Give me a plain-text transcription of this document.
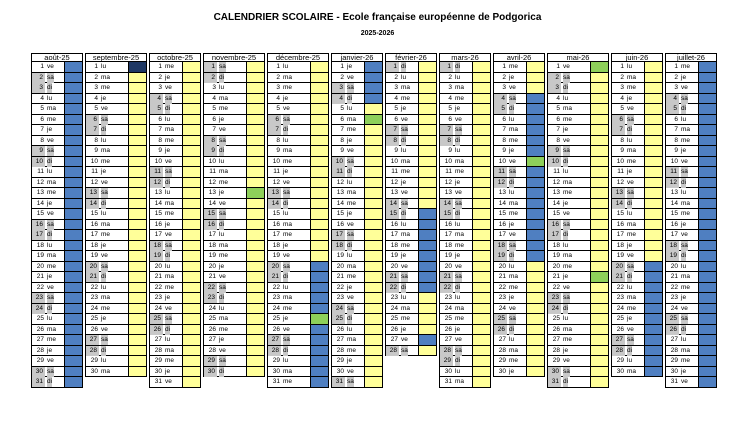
CALENDRIER SCOLAIRE - Ecole française européenne de Podgorica
2025-2026
août-25
1 ve
2 sa
3 di
4 lu
5 ma
6 me
7 je
8 ve
9 sa
10 di
11 lu
12 ma
13 me
14 je
15 ve
16 sa
17 di
18 lu
19 ma
20 me
21 je
22 ve
23 sa
24 di
25 lu
26 ma
27 me
28 je
29 ve
30 sa
31 di
septembre-25
1 lu
2 ma
3 me
4 je
5 ve
6 sa
7 di
8 lu
9 ma
10 me
11 je
12 ve
13 sa
14 di
15 lu
16 ma
17 me
18 je
19 ve
20 sa
21 di
22 lu
23 ma
24 me
25 je
26 ve
27 sa
28 di
29 lu
30 ma
octobre-25
1 me
2 je
3 ve
4 sa
5 di
6 lu
7 ma
8 me
9 je
10 ve
11 sa
12 di
13 lu
14 ma
15 me
16 je
17 ve
18 sa
19 di
20 lu
21 ma
22 me
23 je
24 ve
25 sa
26 di
27 lu
28 ma
29 me
30 je
31 ve
novembre-25
1 sa
2 di
3 lu
4 ma
5 me
6 je
7 ve
8 sa
9 di
10 lu
11 ma
12 me
13 je
14 ve
15 sa
16 di
17 lu
18 ma
19 me
20 je
21 ve
22 sa
23 di
24 lu
25 ma
26 me
27 je
28 ve
29 sa
30 di
décembre-25
1 lu
2 ma
3 me
4 je
5 ve
6 sa
7 di
8 lu
9 ma
10 me
11 je
12 ve
13 sa
14 di
15 lu
16 ma
17 me
18 je
19 ve
20 sa
21 di
22 lu
23 ma
24 me
25 je
26 ve
27 sa
28 di
29 lu
30 ma
31 me
janvier-26
1 je
2 ve
3 sa
4 di
5 lu
6 ma
7 me
8 je
9 ve
10 sa
11 di
12 lu
13 ma
14 me
15 je
16 ve
17 sa
18 di
19 lu
20 ma
21 me
22 je
23 ve
24 sa
25 di
26 lu
27 ma
28 me
29 je
30 ve
31 sa
février-26
1 di
2 lu
3 ma
4 me
5 je
6 ve
7 sa
8 di
9 lu
10 ma
11 me
12 je
13 ve
14 sa
15 di
16 lu
17 ma
18 me
19 je
20 ve
21 sa
22 di
23 lu
24 ma
25 me
26 je
27 ve
28 sa
mars-26
1 di
2 lu
3 ma
4 me
5 je
6 ve
7 sa
8 di
9 lu
10 ma
11 me
12 je
13 ve
14 sa
15 di
16 lu
17 ma
18 me
19 je
20 ve
21 sa
22 di
23 lu
24 ma
25 me
26 je
27 ve
28 sa
29 di
30 lu
31 ma
avril-26
1 me
2 je
3 ve
4 sa
5 di
6 lu
7 ma
8 me
9 je
10 ve
11 sa
12 di
13 lu
14 ma
15 me
16 je
17 ve
18 sa
19 di
20 lu
21 ma
22 me
23 je
24 ve
25 sa
26 di
27 lu
28 ma
29 me
30 je
mai-26
1 ve
2 sa
3 di
4 lu
5 ma
6 me
7 je
8 ve
9 sa
10 di
11 lu
12 ma
13 me
14 je
15 ve
16 sa
17 di
18 lu
19 ma
20 me
21 je
22 ve
23 sa
24 di
25 lu
26 ma
27 me
28 je
29 ve
30 sa
31 di
juin-26
1 lu
2 ma
3 me
4 je
5 ve
6 sa
7 di
8 lu
9 ma
10 me
11 je
12 ve
13 sa
14 di
15 lu
16 ma
17 me
18 je
19 ve
20 sa
21 di
22 lu
23 ma
24 me
25 je
26 ve
27 sa
28 di
29 lu
30 ma
juillet-26
1 me
2 je
3 ve
4 sa
5 di
6 lu
7 ma
8 me
9 je
10 ve
11 sa
12 di
13 lu
14 ma
15 me
16 je
17 ve
18 sa
19 di
20 lu
21 ma
22 me
23 je
24 ve
25 sa
26 di
27 lu
28 ma
29 me
30 je
31 ve
